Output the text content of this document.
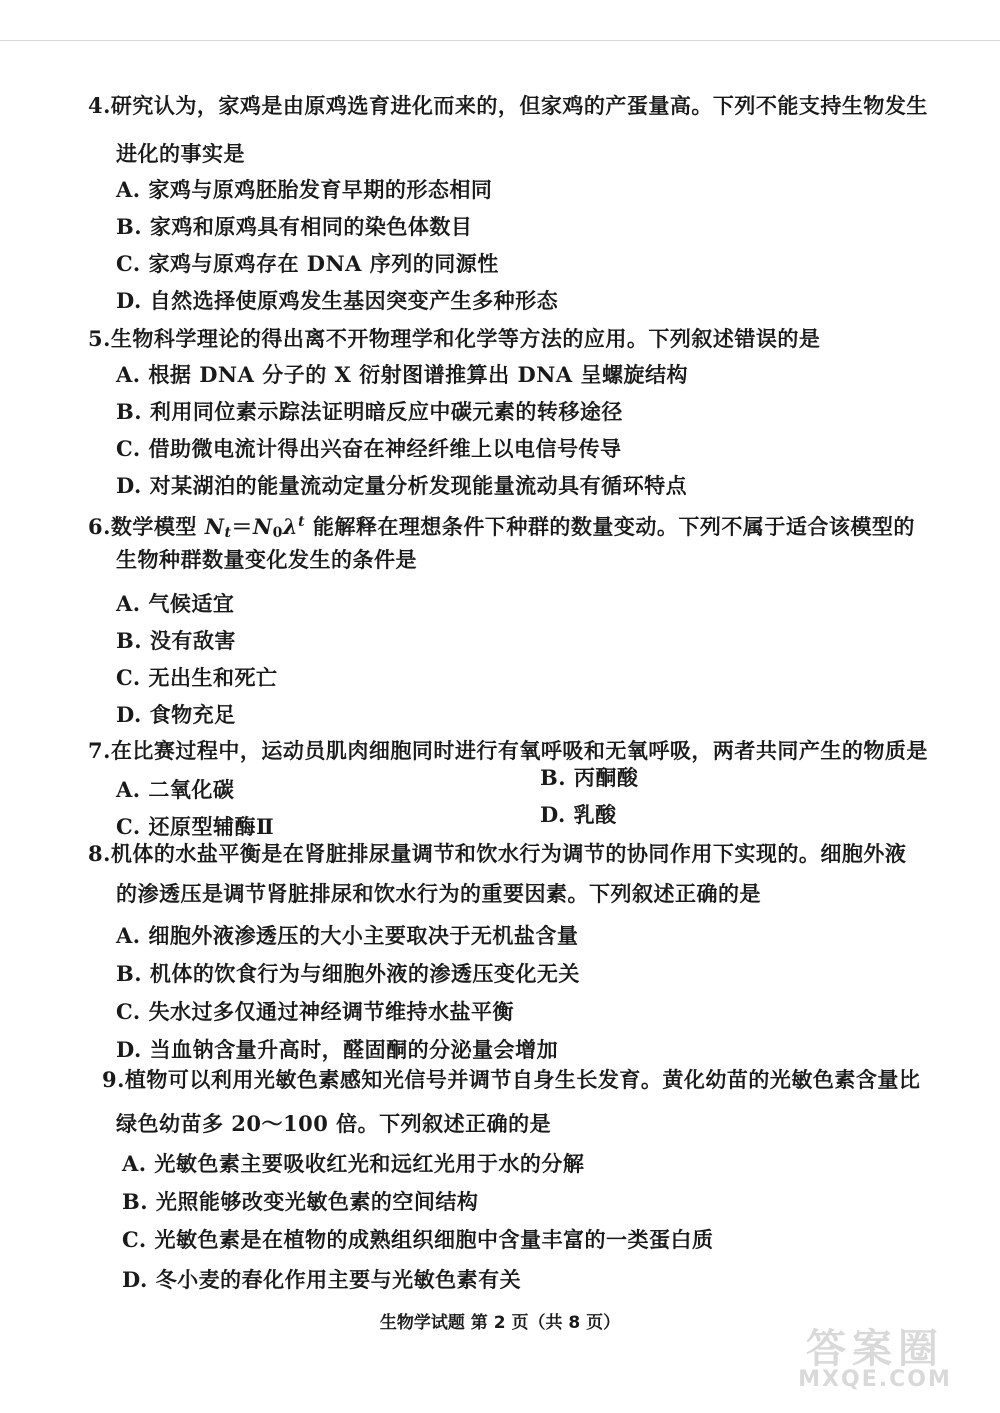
4.研究认为，家鸡是由原鸡选育进化而来的，但家鸡的产蛋量高。下列不能支持生物发生
进化的事实是
A. 家鸡与原鸡胚胎发育早期的形态相同
B. 家鸡和原鸡具有相同的染色体数目
C. 家鸡与原鸡存在 DNA 序列的同源性
D. 自然选择使原鸡发生基因突变产生多种形态
5.生物科学理论的得出离不开物理学和化学等方法的应用。下列叙述错误的是
A. 根据 DNA 分子的 X 衍射图谱推算出 DNA 呈螺旋结构
B. 利用同位素示踪法证明暗反应中碳元素的转移途径
C. 借助微电流计得出兴奋在神经纤维上以电信号传导
D. 对某湖泊的能量流动定量分析发现能量流动具有循环特点
6.数学模型 $N_t=N_0\lambda^t$ 能解释在理想条件下种群的数量变动。下列不属于适合该模型的
生物种群数量变化发生的条件是
A. 气候适宜
B. 没有敌害
C. 无出生和死亡
D. 食物充足
7.在比赛过程中，运动员肌肉细胞同时进行有氧呼吸和无氧呼吸，两者共同产生的物质是
A. 二氧化碳	B. 丙酮酸
C. 还原型辅酶Ⅱ	D. 乳酸
8.机体的水盐平衡是在肾脏排尿量调节和饮水行为调节的协同作用下实现的。细胞外液
的渗透压是调节肾脏排尿和饮水行为的重要因素。下列叙述正确的是
A. 细胞外液渗透压的大小主要取决于无机盐含量
B. 机体的饮食行为与细胞外液的渗透压变化无关
C. 失水过多仅通过神经调节维持水盐平衡
D. 当血钠含量升高时，醛固酮的分泌量会增加
9.植物可以利用光敏色素感知光信号并调节自身生长发育。黄化幼苗的光敏色素含量比
绿色幼苗多 20～100 倍。下列叙述正确的是
A. 光敏色素主要吸收红光和远红光用于水的分解
B. 光照能够改变光敏色素的空间结构
C. 光敏色素是在植物的成熟组织细胞中含量丰富的一类蛋白质
D. 冬小麦的春化作用主要与光敏色素有关
生物学试题 第 2 页（共 8 页）
答案圈
MXQE.COM
